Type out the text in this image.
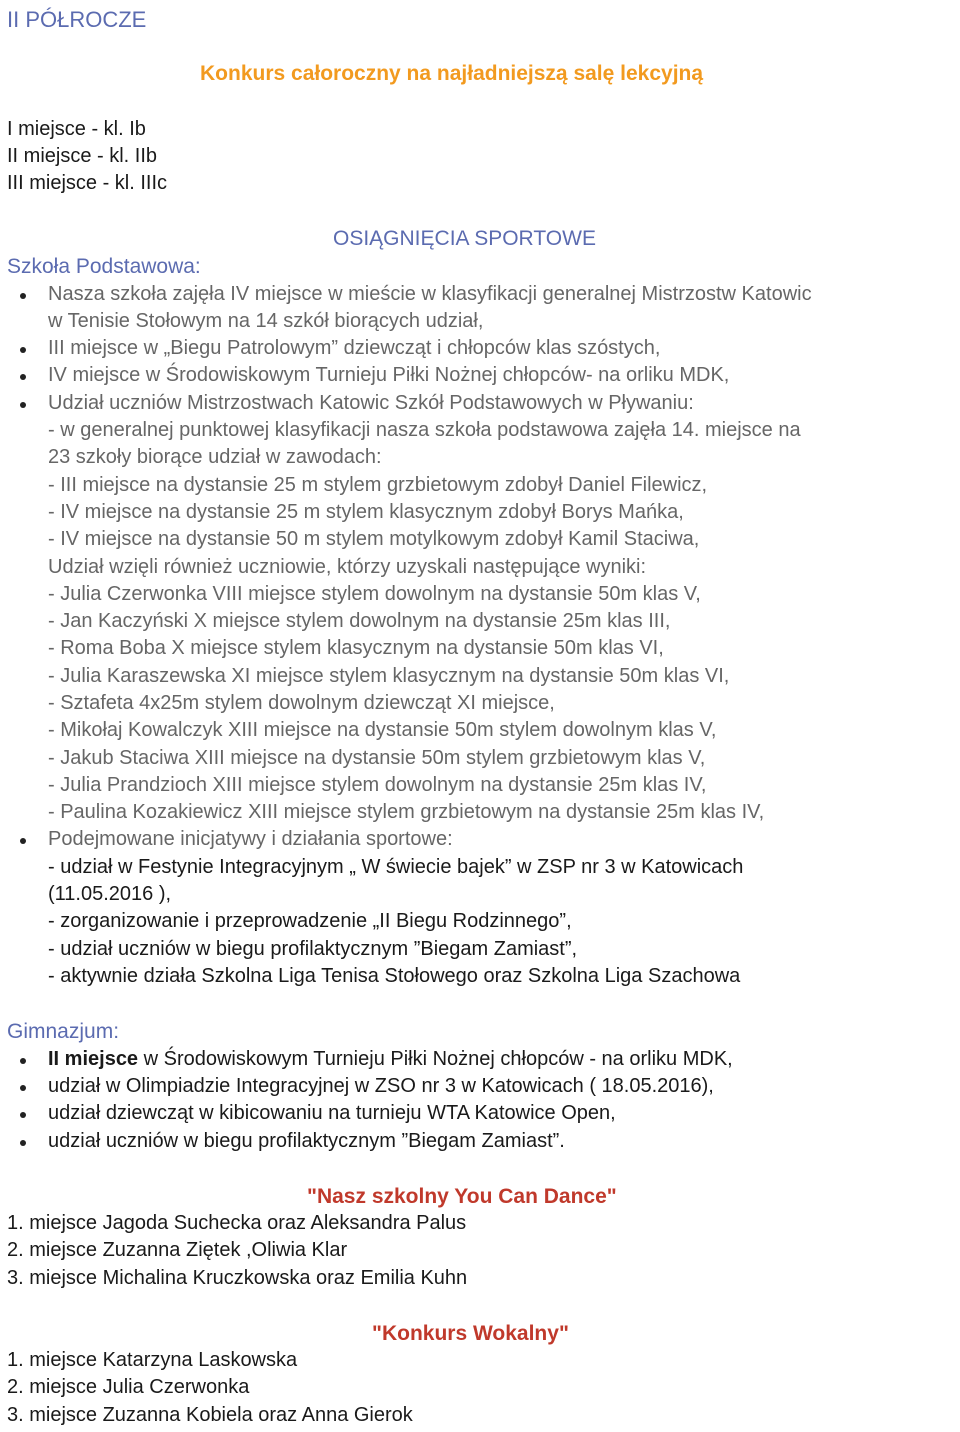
II PÓŁROCZE
Konkurs całoroczny na najładniejszą salę lekcyjną
I miejsce - kl. Ib
II miejsce - kl. IIb
III miejsce - kl. IIIc
OSIĄGNIĘCIA SPORTOWE
Szkoła Podstawowa:
Nasza szkoła zajęła IV miejsce w mieście w klasyfikacji generalnej Mistrzostw Katowic
w Tenisie Stołowym na 14 szkół biorących udział,
III miejsce w „Biegu Patrolowym” dziewcząt i chłopców klas szóstych,
IV miejsce w Środowiskowym Turnieju Piłki Nożnej chłopców- na orliku MDK,
Udział uczniów Mistrzostwach Katowic Szkół Podstawowych w Pływaniu:
- w generalnej punktowej klasyfikacji nasza szkoła podstawowa zajęła 14. miejsce na
23 szkoły biorące udział w zawodach:
- III miejsce na dystansie 25 m stylem grzbietowym zdobył Daniel Filewicz,
- IV miejsce na dystansie 25 m stylem klasycznym zdobył Borys Mańka,
- IV miejsce na dystansie 50 m stylem motylkowym zdobył Kamil Staciwa,
Udział wzięli również uczniowie, którzy uzyskali następujące wyniki:
- Julia Czerwonka VIII miejsce stylem dowolnym na dystansie 50m klas V,
- Jan Kaczyński X miejsce stylem dowolnym na dystansie 25m klas III,
- Roma Boba X miejsce stylem klasycznym na dystansie 50m klas VI,
- Julia Karaszewska XI miejsce stylem klasycznym na dystansie 50m klas VI,
- Sztafeta 4x25m stylem dowolnym dziewcząt XI miejsce,
- Mikołaj Kowalczyk XIII miejsce na dystansie 50m stylem dowolnym klas V,
- Jakub Staciwa XIII miejsce na dystansie 50m stylem grzbietowym klas V,
- Julia Prandzioch XIII miejsce stylem dowolnym na dystansie 25m klas IV,
- Paulina Kozakiewicz XIII miejsce stylem grzbietowym na dystansie 25m klas IV,
Podejmowane inicjatywy i działania sportowe:
- udział w Festynie Integracyjnym „ W świecie bajek” w ZSP nr 3 w Katowicach
(11.05.2016 ),
- zorganizowanie i przeprowadzenie „II Biegu Rodzinnego”,
- udział uczniów w biegu profilaktycznym ”Biegam Zamiast”,
- aktywnie działa Szkolna Liga Tenisa Stołowego oraz Szkolna Liga Szachowa
Gimnazjum:
II miejsce w Środowiskowym Turnieju Piłki Nożnej chłopców - na orliku MDK,
udział w Olimpiadzie Integracyjnej w ZSO nr 3 w Katowicach ( 18.05.2016),
udział dziewcząt w kibicowaniu na turnieju WTA Katowice Open,
udział uczniów w biegu profilaktycznym ”Biegam Zamiast”.
"Nasz szkolny You Can Dance"
1. miejsce Jagoda Suchecka oraz Aleksandra Palus
2. miejsce Zuzanna Ziętek ,Oliwia Klar
3. miejsce Michalina Kruczkowska oraz Emilia Kuhn
"Konkurs Wokalny"
1. miejsce Katarzyna Laskowska
2. miejsce Julia Czerwonka
3. miejsce Zuzanna Kobiela oraz Anna Gierok
